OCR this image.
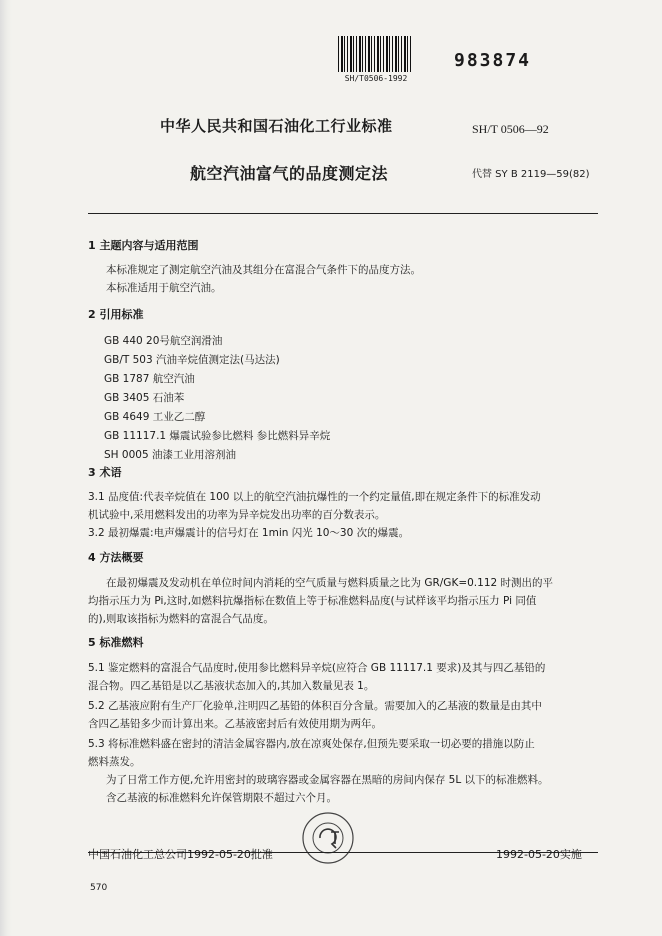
SH/T0506-1992
983874
中华人民共和国石油化工行业标准	SH/T 0506—92
航空汽油富气的品度测定法	代替 SY B 2119—59(82)
1 主题内容与适用范围
本标准规定了测定航空汽油及其组分在富混合气条件下的品度方法。
本标准适用于航空汽油。
2 引用标准
GB 440 20号航空润滑油
GB/T 503 汽油辛烷值测定法(马达法)
GB 1787 航空汽油
GB 3405 石油苯
GB 4649 工业乙二醇
GB 11117.1 爆震试验参比燃料 参比燃料异辛烷
SH 0005 油漆工业用溶剂油
3 术语
3.1 品度值:代表辛烷值在 100 以上的航空汽油抗爆性的一个约定量值,即在规定条件下的标准发动
机试验中,采用燃料发出的功率为异辛烷发出功率的百分数表示。
3.2 最初爆震:电声爆震计的信号灯在 1min 闪光 10～30 次的爆震。
4 方法概要
在最初爆震及发动机在单位时间内消耗的空气质量与燃料质量之比为 GR/GK=0.112 时测出的平
均指示压力为 Pi,这时,如燃料抗爆指标在数值上等于标准燃料品度(与试样该平均指示压力 Pi 同值
的),则取该指标为燃料的富混合气品度。
5 标准燃料
5.1 鉴定燃料的富混合气品度时,使用参比燃料异辛烷(应符合 GB 11117.1 要求)及其与四乙基铅的
混合物。四乙基铅是以乙基液状态加入的,其加入数量见表 1。
5.2 乙基液应附有生产厂化验单,注明四乙基铅的体积百分含量。需要加入的乙基液的数量是由其中
含四乙基铅多少而计算出来。乙基液密封后有效使用期为两年。
5.3 将标准燃料盛在密封的清洁金属容器内,放在凉爽处保存,但预先要采取一切必要的措施以防止
燃料蒸发。
为了日常工作方便,允许用密封的玻璃容器或金属容器在黑暗的房间内保存 5L 以下的标准燃料。
含乙基液的标准燃料允许保管期限不超过六个月。
中国石油化工总公司1992-05-20批准	1992-05-20实施
570
